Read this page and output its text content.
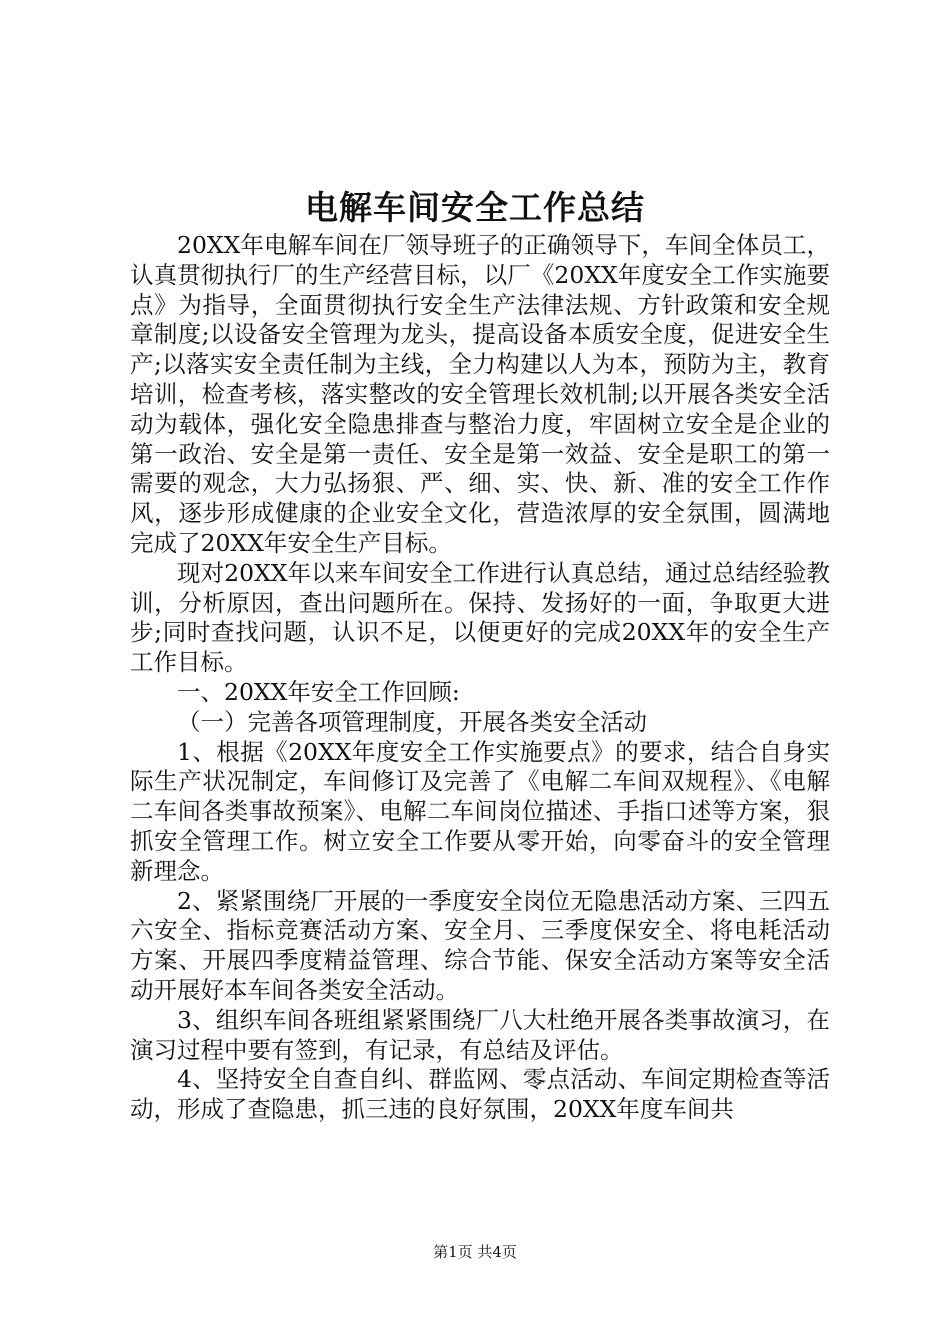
电解车间安全工作总结

20XX年电解车间在厂领导班子的正确领导下，车间全体员工，认真贯彻执行厂的生产经营目标，以厂《20XX年度安全工作实施要点》为指导，全面贯彻执行安全生产法律法规、方针政策和安全规章制度;以设备安全管理为龙头，提高设备本质安全度，促进安全生产;以落实安全责任制为主线，全力构建以人为本，预防为主，教育培训，检查考核，落实整改的安全管理长效机制;以开展各类安全活动为载体，强化安全隐患排查与整治力度，牢固树立安全是企业的第一政治、安全是第一责任、安全是第一效益、安全是职工的第一需要的观念，大力弘扬狠、严、细、实、快、新、准的安全工作作风，逐步形成健康的企业安全文化，营造浓厚的安全氛围，圆满地完成了20XX年安全生产目标。

现对20XX年以来车间安全工作进行认真总结，通过总结经验教训，分析原因，查出问题所在。保持、发扬好的一面，争取更大进步;同时查找问题，认识不足，以便更好的完成20XX年的安全生产工作目标。

一、20XX年安全工作回顾:

（一）完善各项管理制度，开展各类安全活动

1、根据《20XX年度安全工作实施要点》的要求，结合自身实际生产状况制定，车间修订及完善了《电解二车间双规程》、《电解二车间各类事故预案》、电解二车间岗位描述、手指口述等方案，狠抓安全管理工作。树立安全工作要从零开始，向零奋斗的安全管理新理念。

2、紧紧围绕厂开展的一季度安全岗位无隐患活动方案、三四五六安全、指标竞赛活动方案、安全月、三季度保安全、将电耗活动方案、开展四季度精益管理、综合节能、保安全活动方案等安全活动开展好本车间各类安全活动。

3、组织车间各班组紧紧围绕厂八大杜绝开展各类事故演习，在演习过程中要有签到，有记录，有总结及评估。

4、坚持安全自查自纠、群监网、零点活动、车间定期检查等活动，形成了查隐患，抓三违的良好氛围，20XX年度车间共

第1页 共4页
